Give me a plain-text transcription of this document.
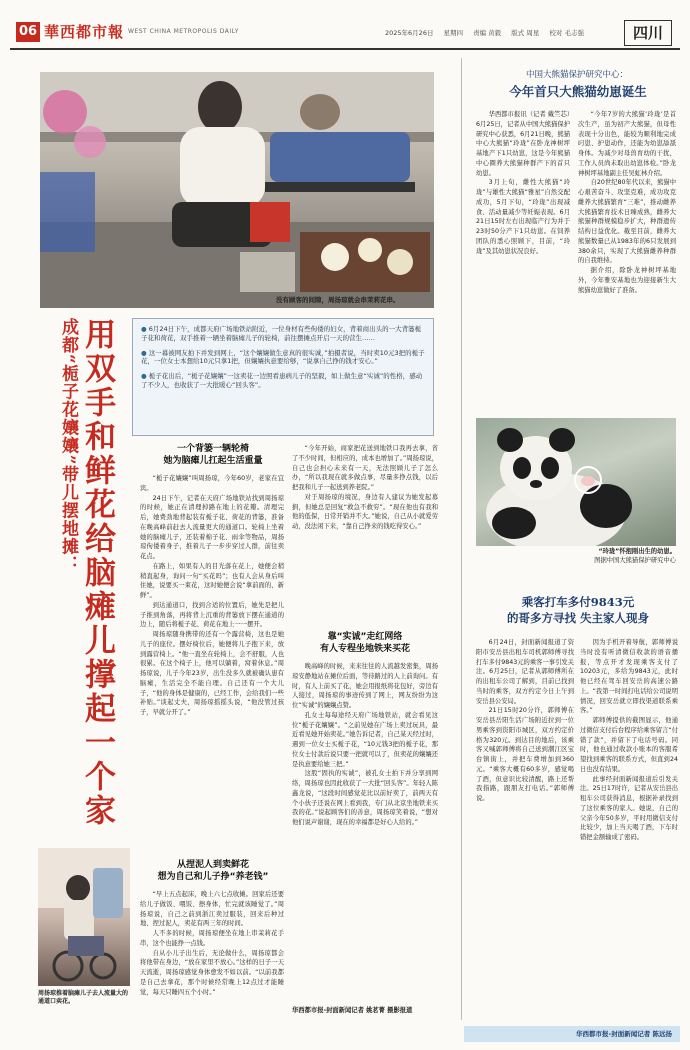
06 華西都市報 WEST CHINA METROPOLIS DAILY	2025年6月26日 星期四 责编 黄毅 版式 周星 校对 毛志强	四川
没有顾客的间隙，周扬琼就会串茉莉花串。
成都“栀子花孃孃”带儿摆地摊： 用双手和鲜花给脑瘫儿撑起一个家

●	6月24日下午，成都天府广场地铁站附近，一位身材有些佝偻的妇女，背着商出头的一大背篓栀子花和荷花，双手推着一辆坐着脑瘫儿子的轮椅，前往摆摊点开启一天的营生……

● 这一幕被网友拍下并发到网上，“这个孃孃做生意真的很实诚，”拍摄者说，当时卖10元3把的栀子花，一位女士本想给10元只拿1把，但孃孃执意要给够，“说拿自己挣的钱才安心。”

● 栀子花出后，“栀子花孃孃”一这卖花一边照看患病儿子的坚毅，如上做生意“实诚”的性格，感动了不少人，也收获了一大批暖心“回头客”。

一个背篓一辆轮椅
她为脑瘫儿扛起生活重量

“栀子花孃孃”叫周扬琼，今年60岁，老家在宜宾。

24日下午，记者在天府广场地铁站找到周扬琼的时候，她正在清理掉路在地上的花瓣。清理完后，她费劲地背起装有栀子花、荷花的背篓，准备在晚高峰前赶去人流量更大的通道口。轮椅上坐着她的脑瘫儿子，还装着棉子花、雨伞等物品，周扬琼佝偻着身子，推着儿子一步步穿过人群，前往卖花点。

在路上，如果有人的目光落在花上，她便会稍稍直起身，询问一句“买花吗”；也有人会从身后叫住她，说要买一束花，这时她便会说“拿前面的，新鲜”。

到达通道口，找到合适的位置后，她先是把儿子推到角落，再将背上沉重的背篓放下摆在通道的边上，随后将栀子花、荷花在地上一一摆开。

周扬琼随身携带的还有一个露营椅，这也是她儿子的座位。摆好椅位后，她便将儿子抱下来，放到露营椅上。“他一直坐在轮椅上，会不舒服，人也很累。在这个椅子上，他可以躺着，窝着休息。”周扬琼说，儿子今年23岁，出生没多久就被确认患有脑瘫，生活完全不能自理。自己还有一个大儿子，“他的身体是健康的，已经工作，会给我们一些补贴。”谈起丈夫，周扬琼摇摇头说，“他没管过孩子，早就分开了。”

从捏泥人到卖鲜花
想为自己和儿子挣“养老钱”

“早上五点起床，晚上六七点收摊。回家后还要给儿子做饭、喂饭、擦身体，忙完就该睡觉了。”周扬琼说，自己之前到浙江卖过服装，回来后种过地、捏过泥人，卖花有两三年的时间。

人不多的时候，周扬琼便坐在地上串茉莉花手串，这个也能挣一点钱。

自从小儿子出生后，无论做什么，周扬琼都会将他带在身边，“放在家里不放心。”这样的日子一天天流逝，周扬琼感觉身体愈发不如以前。“以前我都是自己去拿花，那个时候经常晚上12点过才能睡觉，每天只睡四五个小时。”

“今年开始，商家把花送到地铁口我再去拿，省了不少时间，但相应的，成本也增加了。”周扬琼说，自己也会担心未来有一天，无法照顾儿子了怎么办，“所以我现在就多做点事，尽量多挣点钱，以后把我和儿子一起送到养老院。”

对于周扬琼的境况，身边有人建议为她发起募捐，但她总是回复“救急不救穷”。“现在他也有我和他的低保，日常开销并不大。”她说，自己从小就爱劳动，没法闲下来，“靠自己挣来的钱吃得安心。”

靠“实诚”走红网络
有人专程坐地铁来买花

晚高峰的时候，来来往往的人流越发密集，周扬琼安静地站在摊位后面，等待路过的人上前询问。有时，有人上前买了花，她会用报纸将花包好，旁边有人接过，周扬琼的事迹传到了网上，网友纷纷为这位“实诚”的孃孃点赞。

孔女士每每途经天府广场地铁站，就会看见这位“栀子花孃孃”。“之前见她在广场上卖过玩具，最近看见她开始卖花。”她告诉记者，自己某天经过时，遇到一位女士买栀子花，“10元钱3把的栀子花，那位女士付款后说只要一把就可以了，但卖花的孃孃还是执意要给她三把。”

这股“固执的实诚”，被孔女士拍下并分享到网络，周扬琼也因此收获了一大批“回头客”。年轻人陈鑫龙说，“这段时间感觉花比以前好卖了，前两天有个小伙子还说在网上看到我，专门从北京坐地铁来买我的花。”说起顾客们的善意，周扬琼笑着说，“想对他们说声谢谢，现在的幸福都是好心人给的。”

华西都市报-封面新闻记者 姚茗菁 摄影报道
周扬琼推着脑瘫儿子去人流量大的通道口卖花。
中国大熊猫保护研究中心：
今年首只大熊猫幼崽诞生

华西都市报讯（记者 戴竺芯）6月25日，记者从中国大熊猫保护研究中心获悉，6月21日晚，熊猫中心大熊猫“玲珑”在卧龙神树坪基地产下1只幼崽，这是今年熊猫中心圈养大熊猫种群产下的首只幼崽。

3月上旬，雌性大熊猫“玲珑”与雄性大熊猫“雅星”自然交配成功，5月下旬，“玲珑”出现减食、活动量减少等妊娠表现。6月21日15时左右出现临产行为并于23时50分产下1只幼崽。在饲养团队的悉心照顾下，目前，“玲珑”及其幼崽状况良好。

“今年7岁的大熊猫‘玲珑’是首次生产，虽为初产大熊猫，但母性表现十分出色，能较为顺利地完成叼崽、护崽动作，还能为幼崽舔舐身体。为减少对母兽育幼的干扰，工作人员尚未取出幼崽体检。”卧龙神树坪基地副主任吴虹林介绍。

自20世纪80年代以来，熊猫中心艰苦奋斗、攻坚克难，成功攻克雌养大熊猫繁育“三难”，推动雌养大熊猫繁育技术日臻成熟，雌养大熊猫种群规模稳步扩大，种群遗传结构日益优化。截至目前，雌养大熊猫数量已从1983年的6只发展到380余只，实现了大熊猫雌养种群的自我维持。

据介绍，除卧龙神树坪基地外，今年雅安基地也为迎接新生大熊猫幼崽做好了准备。

“玲珑”怀抱刚出生的幼崽。
图据中国大熊猫保护研究中心
乘客打车多付9843元
的哥多方寻找 失主家人现身

6月24日，封面新闻报道了资阳市安岳县出租车司机郭师傅寻找打车多付9843元的乘客一事引发关注。6月25日，记者从郭师傅所在的出租车公司了解到，目前已找到当时的乘客，双方约定今日上午到安岳县公安局。

21日15时20分许，郭师傅在安岳县岳阳生活广场附近拉到一位男乘客到资阳市城区，双方约定价格为320元。到达目的地后，该乘客又喊郭师傅将自己送到潮江区宝台镇街上，并把车费增加到360元。“乘客大概有60多岁，感觉喝了酒，但意识比较清醒，路上还帮我指路，跟朋友打电话。”郭师傅说。

因为手机开着导航，郭师傅说当时没有听清微信收款的语音播报，等点开才发现乘客支付了10203元，多给为9843元，此时他已经在驾车回安岳的高速公路上。“我第一时间打电话给公司说明情况，回安岳就立即找渠道联系乘客。”

郭师傅提供的截图显示，他通过微信支付后台程序给乘客留言“付错了款”，并留下了电话号码。同时，他也通过收款小账本的客服希望找到乘客的联系方式，但直到24日也没有结果。

此事经封面新闻报道后引发关注。25日17时许，记者从安岳县出租车公司获得消息，根据补录找到了这位乘客的家人。她说，自己的父亲今年50多岁，平时用微信支付比较少，加上当天喝了酒，下车时错把金额输成了密码。

华西都市报-封面新闻记者 陈远扬
